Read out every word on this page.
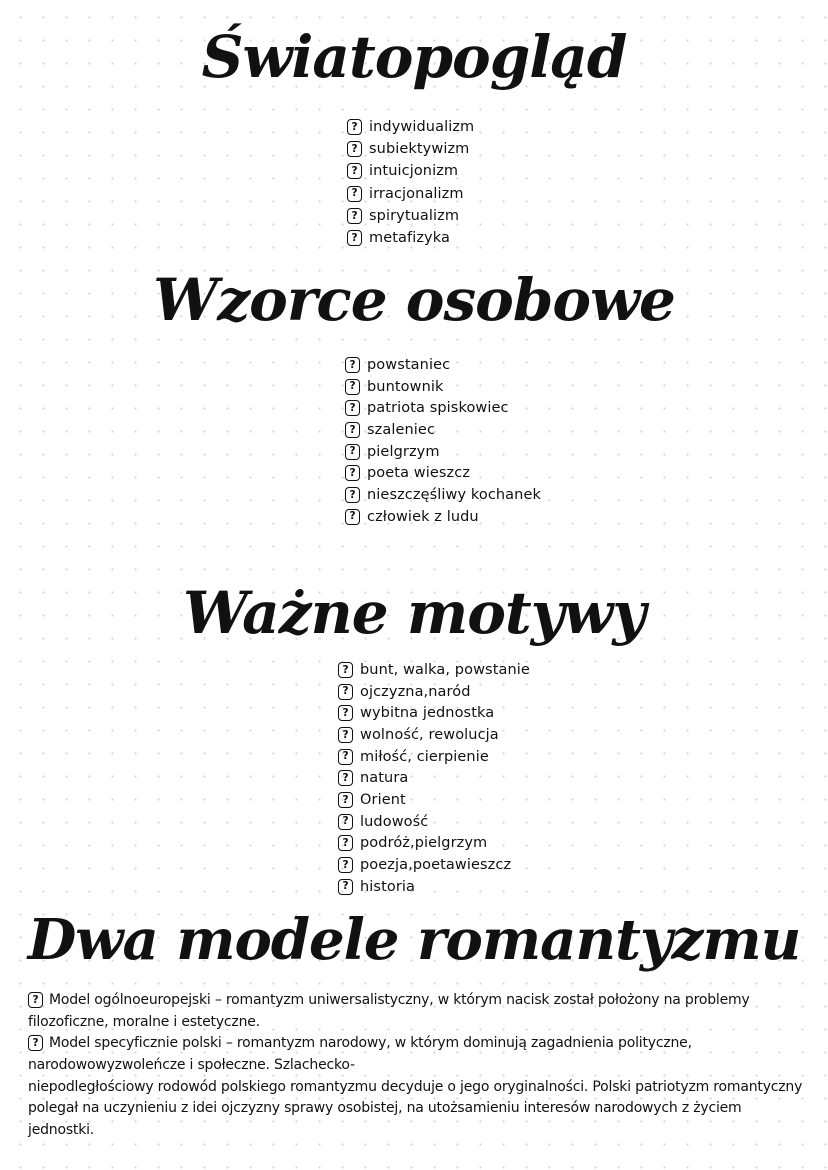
Światopogląd
? indywidualizm
? subiektywizm
? intuicjonizm
? irracjonalizm
? spirytualizm
? metafizyka
Wzorce osobowe
? powstaniec
? buntownik
? patriota spiskowiec
? szaleniec
? pielgrzym
? poeta wieszcz
? nieszczęśliwy kochanek
? człowiek z ludu
Ważne motywy
? bunt, walka, powstanie
? ojczyzna,naród
? wybitna jednostka
? wolność, rewolucja
? miłość, cierpienie
? natura
? Orient
? ludowość
? podróż,pielgrzym
? poezja,poetawieszcz
? historia
Dwa modele romantyzmu
? Model ogólnoeuropejski – romantyzm uniwersalistyczny, w którym nacisk został położony na problemy
filozoficzne, moralne i estetyczne.
? Model specyficznie polski – romantyzm narodowy, w którym dominują zagadnienia polityczne,
narodowowyzwoleńcze i społeczne. Szlachecko-
niepodległościowy rodowód polskiego romantyzmu decyduje o jego oryginalności. Polski patriotyzm romantyczny
polegał na uczynieniu z idei ojczyzny sprawy osobistej, na utożsamieniu interesów narodowych z życiem
jednostki.
